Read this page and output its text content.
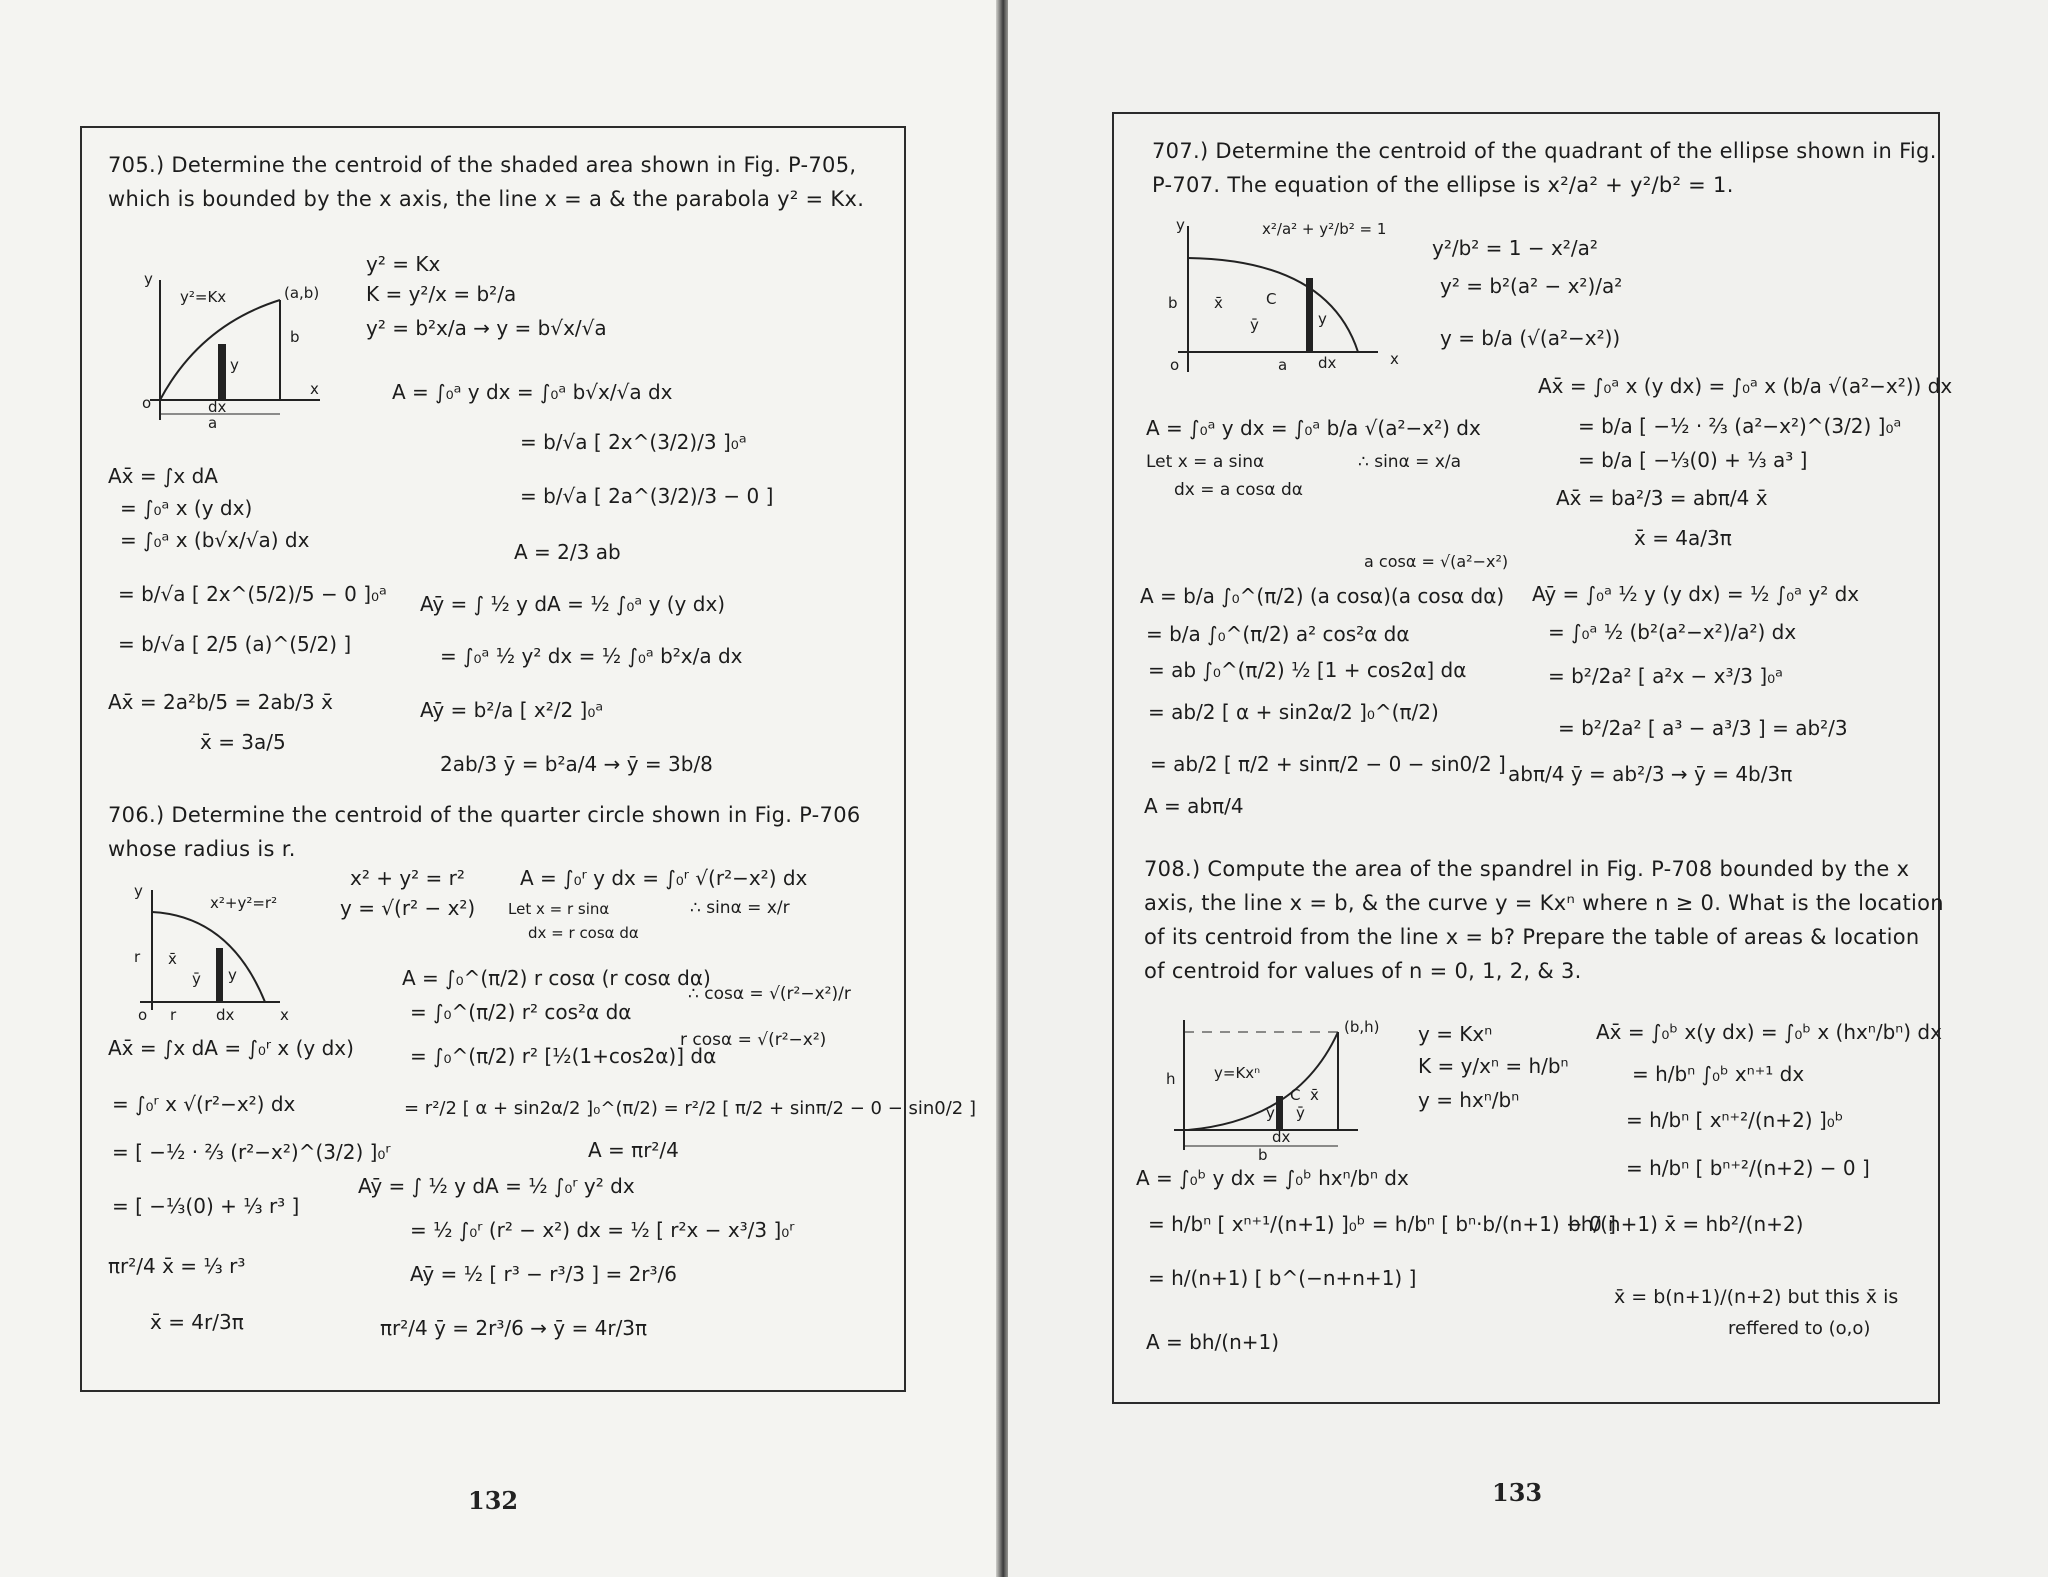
705.) Determine the centroid of the shaded area shown in Fig. P-705, which is bounded by the x axis, the line x = a & the parabola y² = Kx.
y
y²=Kx	(a,b)
b
y
o
x
dx
a
y² = Kx
K = y²/x = b²/a
y² = b²x/a → y = b√x/√a
A = ∫₀ᵃ y dx = ∫₀ᵃ b√x/√a dx
= b/√a [ 2x^(3/2)/3 ]₀ᵃ
= b/√a [ 2a^(3/2)/3 − 0 ]
A = 2/3 ab
Ax̄ = ∫x dA
= ∫₀ᵃ x (y dx)
= ∫₀ᵃ x (b√x/√a) dx
= b/√a [ 2x^(5/2)/5 − 0 ]₀ᵃ
= b/√a [ 2/5 (a)^(5/2) ]
Ax̄ = 2a²b/5 = 2ab/3 x̄
x̄ = 3a/5
Aȳ = ∫ ½ y dA = ½ ∫₀ᵃ y (y dx)
= ∫₀ᵃ ½ y² dx = ½ ∫₀ᵃ b²x/a dx
Aȳ = b²/a [ x²/2 ]₀ᵃ
2ab/3 ȳ = b²a/4 → ȳ = 3b/8
706.) Determine the centroid of the quarter circle shown in Fig. P-706 whose radius is r.
y
x²+y²=r²
r x̄
ȳ y
o r	dx	x
x² + y² = r²
y = √(r² − x²)
A = ∫₀ʳ y dx = ∫₀ʳ √(r²−x²) dx
Let x = r sinα
dx = r cosα dα
∴ sinα = x/r
A = ∫₀^(π/2) r cosα (r cosα dα)
= ∫₀^(π/2) r² cos²α dα
= ∫₀^(π/2) r² [½(1+cos2α)] dα
∴ cosα = √(r²−x²)/r
r cosα = √(r²−x²)
= r²/2 [ α + sin2α/2 ]₀^(π/2) = r²/2 [ π/2 + sinπ/2 − 0 − sin0/2 ]
A = πr²/4
Ax̄ = ∫x dA = ∫₀ʳ x (y dx)
= ∫₀ʳ x √(r²−x²) dx
= [ −½ · ⅔ (r²−x²)^(3/2) ]₀ʳ
= [ −⅓(0) + ⅓ r³ ]
πr²/4 x̄ = ⅓ r³
x̄ = 4r/3π
Aȳ = ∫ ½ y dA = ½ ∫₀ʳ y² dx
= ½ ∫₀ʳ (r² − x²) dx = ½ [ r²x − x³/3 ]₀ʳ
Aȳ = ½ [ r³ − r³/3 ] = 2r³/6
πr²/4 ȳ = 2r³/6 → ȳ = 4r/3π
132
707.) Determine the centroid of the quadrant of the ellipse shown in Fig. P-707. The equation of the ellipse is x²/a² + y²/b² = 1.
y	x²/a² + y²/b² = 1
b x̄	C
ȳ	y
o	a dx	x
y²/b² = 1 − x²/a²
y² = b²(a² − x²)/a²
y = b/a (√(a²−x²))
A = ∫₀ᵃ y dx = ∫₀ᵃ b/a √(a²−x²) dx
Let x = a sinα
dx = a cosα dα
∴ sinα = x/a
a cosα = √(a²−x²)
A = b/a ∫₀^(π/2) (a cosα)(a cosα dα)
= b/a ∫₀^(π/2) a² cos²α dα
= ab ∫₀^(π/2) ½ [1 + cos2α] dα
= ab/2 [ α + sin2α/2 ]₀^(π/2)
= ab/2 [ π/2 + sinπ/2 − 0 − sin0/2 ]
A = abπ/4
Ax̄ = ∫₀ᵃ x (y dx) = ∫₀ᵃ x (b/a √(a²−x²)) dx
= b/a [ −½ · ⅔ (a²−x²)^(3/2) ]₀ᵃ
= b/a [ −⅓(0) + ⅓ a³ ]
Ax̄ = ba²/3 = abπ/4 x̄
x̄ = 4a/3π
Aȳ = ∫₀ᵃ ½ y (y dx) = ½ ∫₀ᵃ y² dx
= ∫₀ᵃ ½ (b²(a²−x²)/a²) dx
= b²/2a² [ a²x − x³/3 ]₀ᵃ
= b²/2a² [ a³ − a³/3 ] = ab²/3
abπ/4 ȳ = ab²/3 → ȳ = 4b/3π
708.) Compute the area of the spandrel in Fig. P-708 bounded by the x axis, the line x = b, & the curve y = Kxⁿ where n ≥ 0. What is the location of its centroid from the line x = b? Prepare the table of areas & location of centroid for values of n = 0, 1, 2, & 3.
(b,h)
h	y=Kxⁿ
C x̄
ȳ
y
dx
b
y = Kxⁿ
K = y/xⁿ = h/bⁿ
y = hxⁿ/bⁿ
Ax̄ = ∫₀ᵇ x(y dx) = ∫₀ᵇ x (hxⁿ/bⁿ) dx
= h/bⁿ ∫₀ᵇ xⁿ⁺¹ dx
= h/bⁿ [ xⁿ⁺²/(n+2) ]₀ᵇ
= h/bⁿ [ bⁿ⁺²/(n+2) − 0 ]
A = ∫₀ᵇ y dx = ∫₀ᵇ hxⁿ/bⁿ dx
= h/bⁿ [ xⁿ⁺¹/(n+1) ]₀ᵇ = h/bⁿ [ bⁿ·b/(n+1) − 0 ]
bh/(n+1) x̄ = hb²/(n+2)
= h/(n+1) [ b^(−n+n+1) ]
x̄ = b(n+1)/(n+2) but this x̄ is
reffered to (o,o)
A = bh/(n+1)
133
